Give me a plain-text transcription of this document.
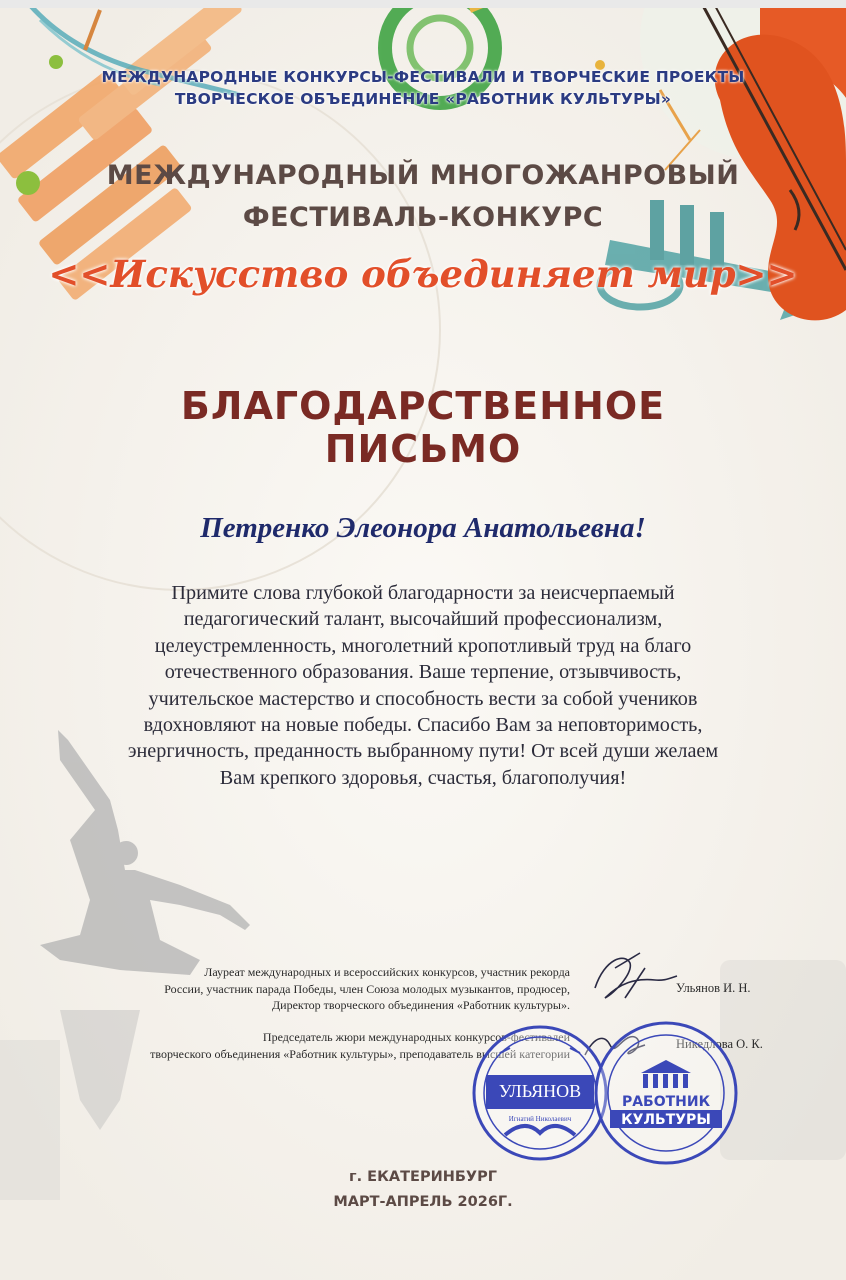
МЕЖДУНАРОДНЫЕ КОНКУРСЫ-ФЕСТИВАЛИ И ТВОРЧЕСКИЕ ПРОЕКТЫ
ТВОРЧЕСКОЕ ОБЪЕДИНЕНИЕ «РАБОТНИК КУЛЬТУРЫ»
МЕЖДУНАРОДНЫЙ МНОГОЖАНРОВЫЙ
ФЕСТИВАЛЬ-КОНКУРС
<<Искусство объединяет мир>>
БЛАГОДАРСТВЕННОЕ
ПИСЬМО
Петренко Элеонора Анатольевна!
Примите слова глубокой благодарности за неисчерпаемый
педагогический талант, высочайший профессионализм,
целеустремленность, многолетний кропотливый труд на благо
отечественного образования. Ваше терпение, отзывчивость,
учительское мастерство и способность вести за собой учеников
вдохновляют на новые победы. Спасибо Вам за неповторимость,
энергичность, преданность выбранному пути! От всей души желаем
Вам крепкого здоровья, счастья, благополучия!
Лауреат международных и всероссийских конкурсов, участник рекорда
России, участник парада Победы, член Союза молодых музыкантов, продюсер,
Директор творческого объединения «Работник культуры».
Председатель жюри международных конкурсов-фестивалей
творческого объединения «Работник культуры», преподаватель высшей категории
Ульянов И. Н.
Никедлова О. К.
УЛЬЯНОВ
Игнатий Николаевич
РАБОТНИК
КУЛЬТУРЫ
г. ЕКАТЕРИНБУРГ
МАРТ-АПРЕЛЬ 2026Г.
